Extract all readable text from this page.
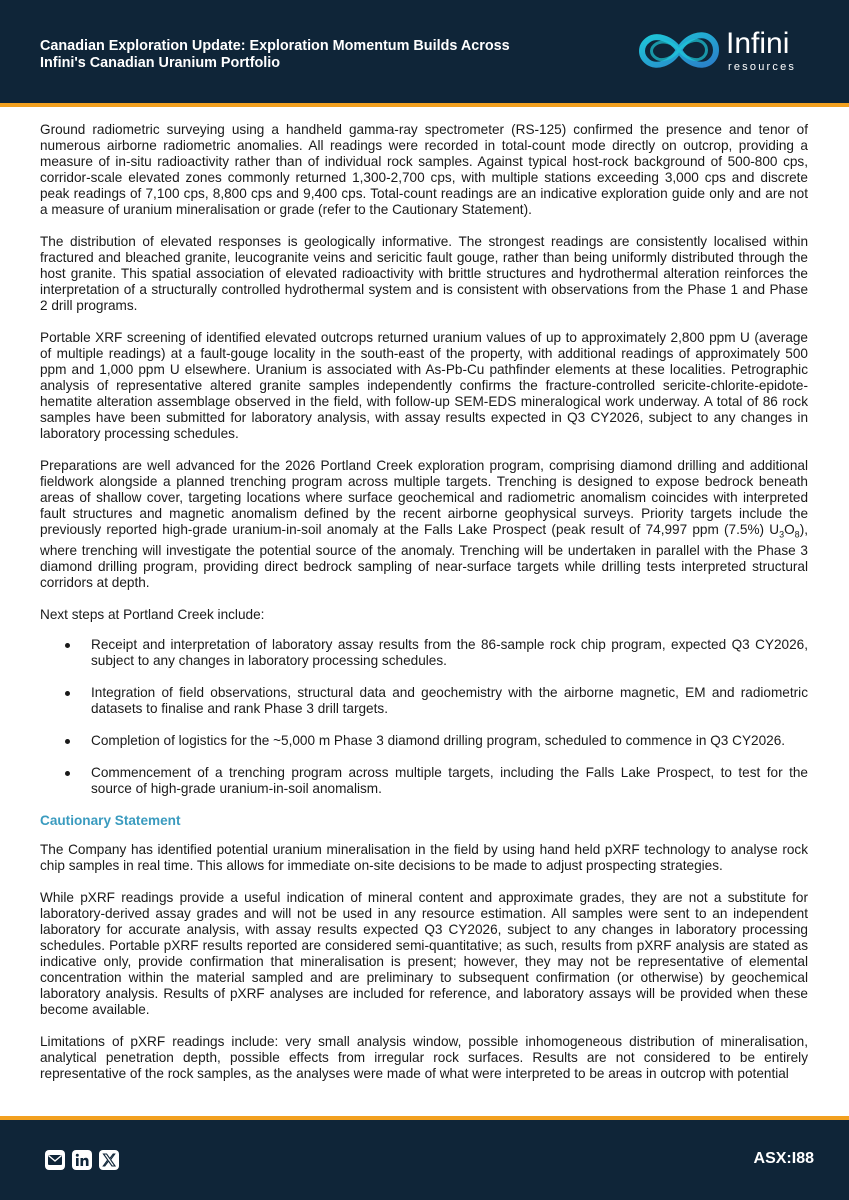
Canadian Exploration Update: Exploration Momentum Builds Across
Infini's Canadian Uranium Portfolio
Infini
resources

Ground radiometric surveying using a handheld gamma-ray spectrometer (RS-125) confirmed the presence and tenor of numerous airborne radiometric anomalies. All readings were recorded in total-count mode directly on outcrop, providing a measure of in-situ radioactivity rather than of individual rock samples. Against typical host-rock background of 500-800 cps, corridor-scale elevated zones commonly returned 1,300-2,700 cps, with multiple stations exceeding 3,000 cps and discrete peak readings of 7,100 cps, 8,800 cps and 9,400 cps. Total-count readings are an indicative exploration guide only and are not a measure of uranium mineralisation or grade (refer to the Cautionary Statement).

The distribution of elevated responses is geologically informative. The strongest readings are consistently localised within fractured and bleached granite, leucogranite veins and sericitic fault gouge, rather than being uniformly distributed through the host granite. This spatial association of elevated radioactivity with brittle structures and hydrothermal alteration reinforces the interpretation of a structurally controlled hydrothermal system and is consistent with observations from the Phase 1 and Phase 2 drill programs.

Portable XRF screening of identified elevated outcrops returned uranium values of up to approximately 2,800 ppm U (average of multiple readings) at a fault-gouge locality in the south-east of the property, with additional readings of approximately 500 ppm and 1,000 ppm U elsewhere. Uranium is associated with As-Pb-Cu pathfinder elements at these localities. Petrographic analysis of representative altered granite samples independently confirms the fracture-controlled sericite-chlorite-epidote-hematite alteration assemblage observed in the field, with follow-up SEM-EDS mineralogical work underway. A total of 86 rock samples have been submitted for laboratory analysis, with assay results expected in Q3 CY2026, subject to any changes in laboratory processing schedules.

Preparations are well advanced for the 2026 Portland Creek exploration program, comprising diamond drilling and additional fieldwork alongside a planned trenching program across multiple targets. Trenching is designed to expose bedrock beneath areas of shallow cover, targeting locations where surface geochemical and radiometric anomalism coincides with interpreted fault structures and magnetic anomalism defined by the recent airborne geophysical surveys. Priority targets include the previously reported high-grade uranium-in-soil anomaly at the Falls Lake Prospect (peak result of 74,997 ppm (7.5%) $U_3O_8$), where trenching will investigate the potential source of the anomaly. Trenching will be undertaken in parallel with the Phase 3 diamond drilling program, providing direct bedrock sampling of near-surface targets while drilling tests interpreted structural corridors at depth.

Next steps at Portland Creek include:

Receipt and interpretation of laboratory assay results from the 86-sample rock chip program, expected Q3 CY2026, subject to any changes in laboratory processing schedules.
Integration of field observations, structural data and geochemistry with the airborne magnetic, EM and radiometric datasets to finalise and rank Phase 3 drill targets.
Completion of logistics for the ~5,000 m Phase 3 diamond drilling program, scheduled to commence in Q3 CY2026.
Commencement of a trenching program across multiple targets, including the Falls Lake Prospect, to test for the source of high-grade uranium-in-soil anomalism.
Cautionary Statement

The Company has identified potential uranium mineralisation in the field by using hand held pXRF technology to analyse rock chip samples in real time. This allows for immediate on-site decisions to be made to adjust prospecting strategies.

While pXRF readings provide a useful indication of mineral content and approximate grades, they are not a substitute for laboratory-derived assay grades and will not be used in any resource estimation. All samples were sent to an independent laboratory for accurate analysis, with assay results expected Q3 CY2026, subject to any changes in laboratory processing schedules. Portable pXRF results reported are considered semi-quantitative; as such, results from pXRF analysis are stated as indicative only, provide confirmation that mineralisation is present; however, they may not be representative of elemental concentration within the material sampled and are preliminary to subsequent confirmation (or otherwise) by geochemical laboratory analysis. Results of pXRF analyses are included for reference, and laboratory assays will be provided when these become available.

Limitations of pXRF readings include: very small analysis window, possible inhomogeneous distribution of mineralisation, analytical penetration depth, possible effects from irregular rock surfaces. Results are not considered to be entirely representative of the rock samples, as the analyses were made of what were interpreted to be areas in outcrop with potential

ASX:I88
